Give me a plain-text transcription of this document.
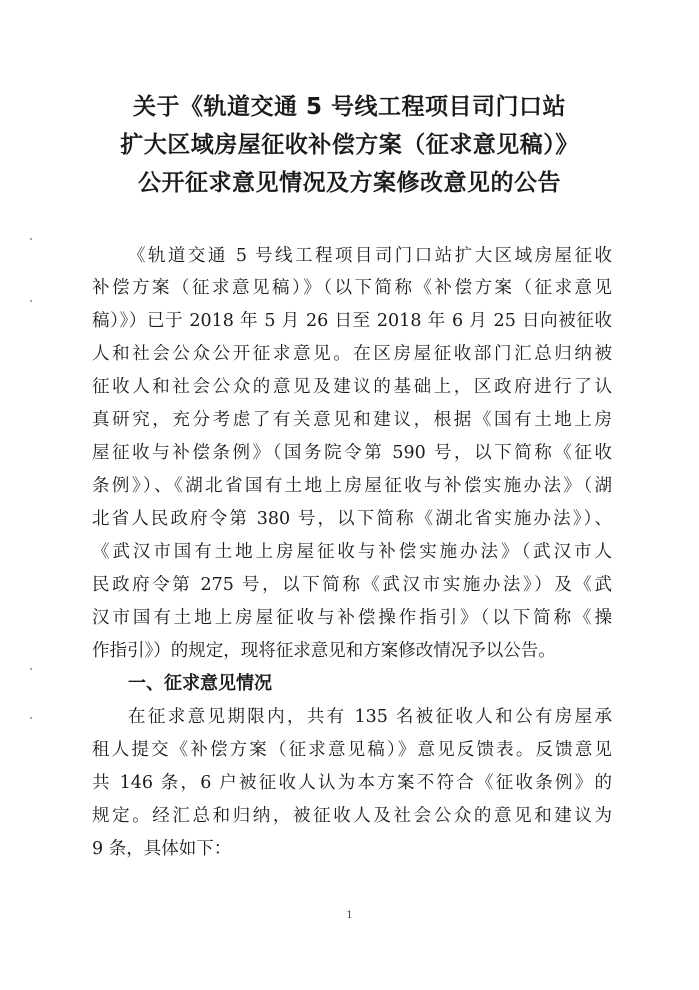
关于《轨道交通 5 号线工程项目司门口站
扩大区域房屋征收补偿方案（征求意见稿）》
公开征求意见情况及方案修改意见的公告
《轨道交通 5 号线工程项目司门口站扩大区域房屋征收
补偿方案（征求意见稿）》（以下简称《补偿方案（征求意见
稿）》）已于 2018 年 5 月 26 日至 2018 年 6 月 25 日向被征收
人和社会公众公开征求意见。在区房屋征收部门汇总归纳被
征收人和社会公众的意见及建议的基础上，区政府进行了认
真研究，充分考虑了有关意见和建议，根据《国有土地上房
屋征收与补偿条例》（国务院令第 590 号，以下简称《征收
条例》）、《湖北省国有土地上房屋征收与补偿实施办法》（湖
北省人民政府令第 380 号，以下简称《湖北省实施办法》）、
《武汉市国有土地上房屋征收与补偿实施办法》（武汉市人
民政府令第 275 号，以下简称《武汉市实施办法》）及《武
汉市国有土地上房屋征收与补偿操作指引》（以下简称《操
作指引》）的规定，现将征求意见和方案修改情况予以公告。
一、征求意见情况
在征求意见期限内，共有 135 名被征收人和公有房屋承
租人提交《补偿方案（征求意见稿）》意见反馈表。反馈意见
共 146 条，6 户被征收人认为本方案不符合《征收条例》的
规定。经汇总和归纳，被征收人及社会公众的意见和建议为
9 条，具体如下：
1
